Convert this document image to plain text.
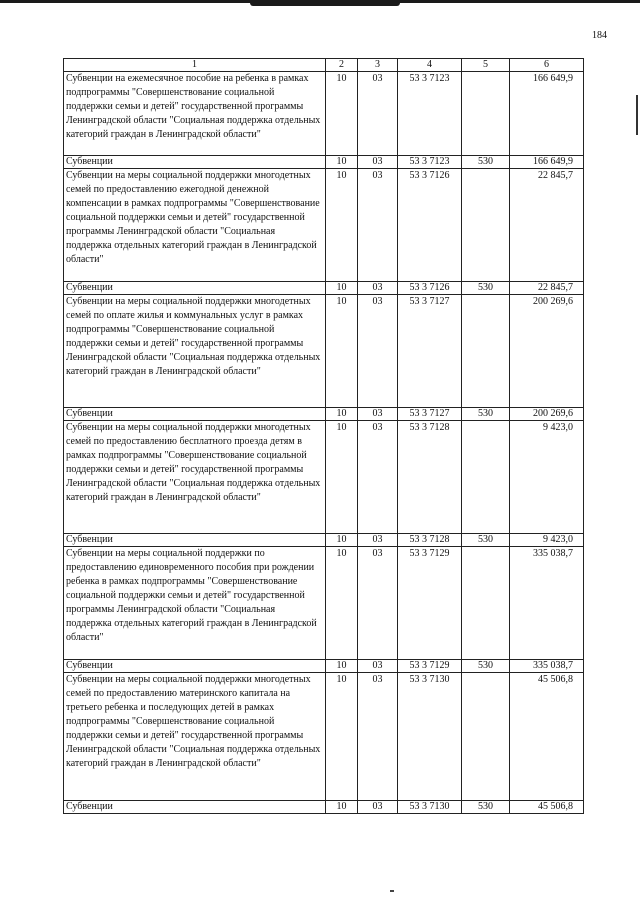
184
1	2	3	4	5	6
Субвенции на ежемесячное пособие на ребенка в рамках подпрограммы "Совершенствование социальной поддержки семьи и детей" государственной программы Ленинградской области "Социальная поддержка отдельных категорий граждан в Ленинградской области"	10	03	53 3 7123		166 649,9
Субвенции	10	03	53 3 7123	530	166 649,9
Субвенции на меры социальной поддержки многодетных семей по предоставлению ежегодной денежной компенсации в рамках подпрограммы "Совершенствование социальной поддержки семьи и детей" государственной программы Ленинградской области "Социальная поддержка отдельных категорий граждан в Ленинградской области"	10	03	53 3 7126		22 845,7
Субвенции	10	03	53 3 7126	530	22 845,7
Субвенции на меры социальной поддержки многодетных семей по оплате жилья и коммунальных услуг в рамках подпрограммы "Совершенствование социальной поддержки семьи и детей" государственной программы Ленинградской области "Социальная поддержка отдельных категорий граждан в Ленинградской области"	10	03	53 3 7127		200 269,6
Субвенции	10	03	53 3 7127	530	200 269,6
Субвенции на меры социальной поддержки многодетных семей по предоставлению бесплатного проезда детям в рамках подпрограммы "Совершенствование социальной поддержки семьи и детей" государственной программы Ленинградской области "Социальная поддержка отдельных категорий граждан в Ленинградской области"	10	03	53 3 7128		9 423,0
Субвенции	10	03	53 3 7128	530	9 423,0
Субвенции на меры социальной поддержки по предоставлению единовременного пособия при рождении ребенка в рамках подпрограммы "Совершенствование социальной поддержки семьи и детей" государственной программы Ленинградской области "Социальная поддержка отдельных категорий граждан в Ленинградской области"	10	03	53 3 7129		335 038,7
Субвенции	10	03	53 3 7129	530	335 038,7
Субвенции на меры социальной поддержки многодетных семей по предоставлению материнского капитала на третьего ребенка и последующих детей в рамках подпрограммы "Совершенствование социальной поддержки семьи и детей" государственной программы Ленинградской области "Социальная поддержка отдельных категорий граждан в Ленинградской области"	10	03	53 3 7130		45 506,8
Субвенции	10	03	53 3 7130	530	45 506,8
